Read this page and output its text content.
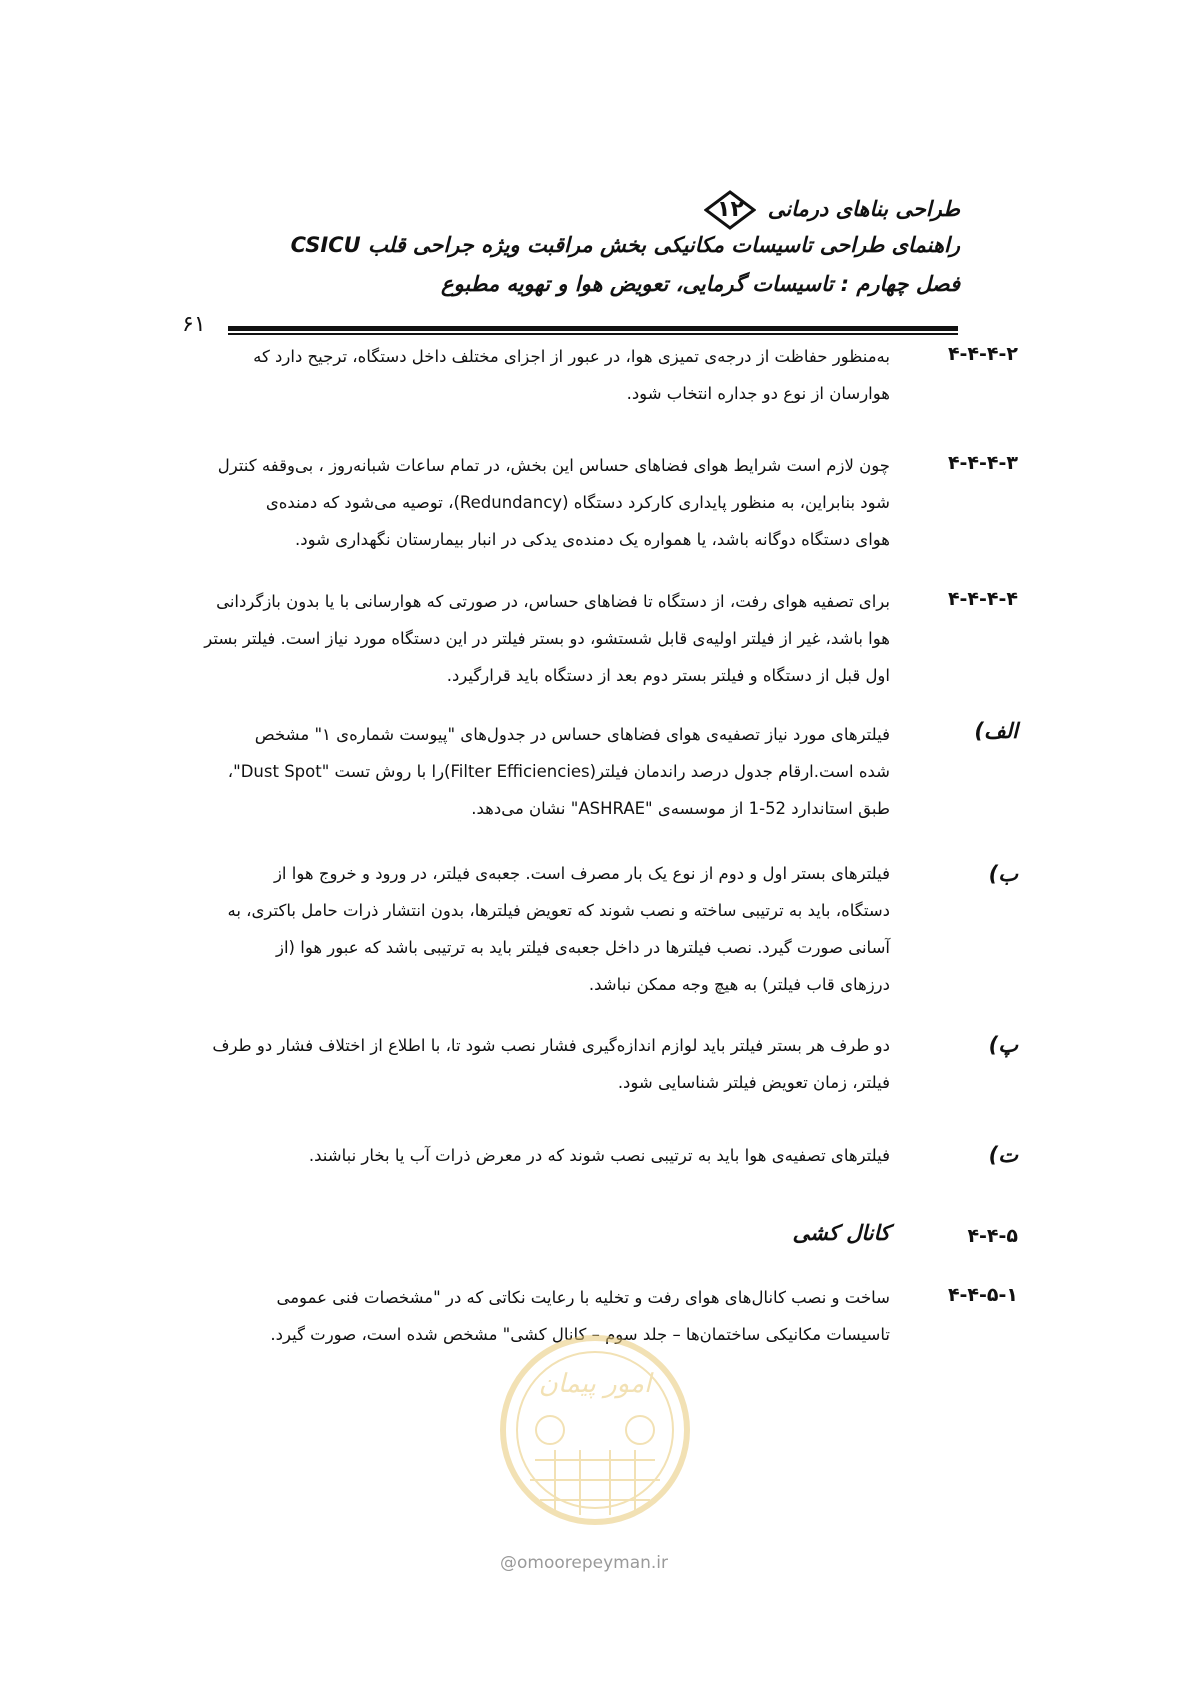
طراحی بناهای درمانی
۱۲
راهنمای طراحی تاسیسات مکانیکی بخش مراقبت ویژه جراحی قلب CSICU
فصل چهارم : تاسیسات گرمایی، تعویض هوا و تهویه مطبوع
۶۱
۴-۴-۴-۲
به‌منظور حفاظت از درجه‌ی تمیزی هوا، در عبور از اجزای مختلف داخل دستگاه، ترجیح دارد که
هوارسان از نوع دو جداره انتخاب شود.
۴-۴-۴-۳
چون لازم است شرایط هوای فضاهای حساس این بخش، در تمام ساعات شبانه‌روز ، بی‌وقفه کنترل
شود بنابراین، به منظور پایداری کارکرد دستگاه (Redundancy)، توصیه می‌شود که دمنده‌ی
هوای دستگاه دوگانه باشد، یا همواره یک دمنده‌ی یدکی در انبار بیمارستان نگهداری شود.
۴-۴-۴-۴
برای تصفیه هوای رفت، از دستگاه تا فضاهای حساس، در صورتی که هوارسانی با یا بدون بازگردانی
هوا باشد، غیر از فیلتر اولیه‌ی قابل شستشو، دو بستر فیلتر در این دستگاه مورد نیاز است. فیلتر بستر
اول قبل از دستگاه و فیلتر بستر دوم بعد از دستگاه باید قرارگیرد.
الف)
فیلترهای مورد نیاز تصفیه‌ی هوای فضاهای حساس در جدول‌های "پیوست شماره‌ی ۱" مشخص
شده است.ارقام جدول درصد راندمان فیلتر(Filter Efficiencies)را با روش تست "Dust Spot"،
طبق استاندارد 52-1 از موسسه‌ی "ASHRAE" نشان می‌دهد.
ب)
فیلترهای بستر اول و دوم از نوع یک بار مصرف است. جعبه‌ی فیلتر، در ورود و خروج هوا از
دستگاه، باید به ترتیبی ساخته و نصب شوند که تعویض فیلترها، بدون انتشار ذرات حامل باکتری، به
آسانی صورت گیرد. نصب فیلترها در داخل جعبه‌ی فیلتر باید به ترتیبی باشد که عبور هوا (از
درزهای قاب فیلتر) به هیچ وجه ممکن نباشد.
پ)
دو طرف هر بستر فیلتر باید لوازم اندازه‌گیری فشار نصب شود تا، با اطلاع از اختلاف فشار دو طرف
فیلتر، زمان تعویض فیلتر شناسایی شود.
ت)
فیلترهای تصفیه‌ی هوا باید به ترتیبی نصب شوند که در معرض ذرات آب یا بخار نباشند.
۴-۴-۵
کانال کشی
۴-۴-۵-۱
ساخت و نصب کانال‌های هوای رفت و تخلیه با رعایت نکاتی که در "مشخصات فنی عمومی
تاسیسات مکانیکی ساختمان‌ها – جلد سوم – کانال کشی" مشخص شده است، صورت گیرد.
امور پیمان
@omoorepeyman.ir
